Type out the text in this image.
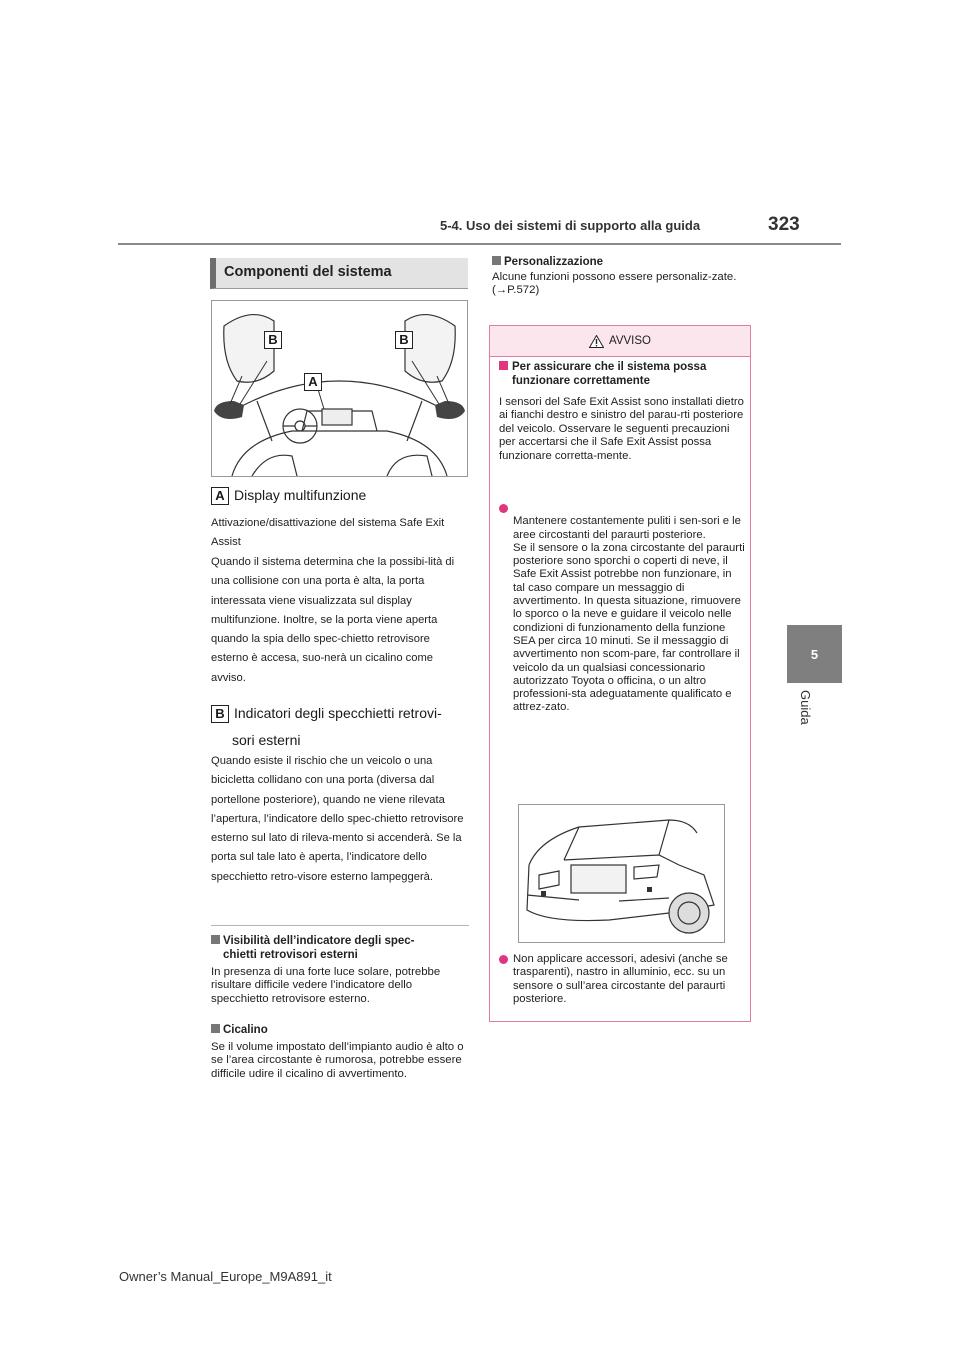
5-4. Uso dei sistemi di supporto alla guida	323
5
Guida
Componenti del sistema
B	B
A
A Display multifunzione
Attivazione/disattivazione del sistema Safe Exit Assist
Quando il sistema determina che la possibi-lità di una collisione con una porta è alta, la porta interessata viene visualizzata sul display multifunzione. Inoltre, se la porta viene aperta quando la spia dello spec-chietto retrovisore esterno è accesa, suo-nerà un cicalino come avviso.
B Indicatori degli specchietti retrovi-
sori esterni
Quando esiste il rischio che un veicolo o una bicicletta collidano con una porta (diversa dal portellone posteriore), quando ne viene rilevata l’apertura, l’indicatore dello spec-chietto retrovisore esterno sul lato di rileva-mento si accenderà. Se la porta sul tale lato è aperta, l’indicatore dello specchietto retro-visore esterno lampeggerà.
Visibilità dell’indicatore degli spec-
chietti retrovisori esterni
In presenza di una forte luce solare, potrebbe risultare difficile vedere l’indicatore dello specchietto retrovisore esterno.
Cicalino
Se il volume impostato dell’impianto audio è alto o se l’area circostante è rumorosa, potrebbe essere difficile udire il cicalino di avvertimento.
Personalizzazione
Alcune funzioni possono essere personaliz-zate. (→P.572)
AVVISO
Per assicurare che il sistema possa
funzionare correttamente
I sensori del Safe Exit Assist sono installati dietro ai fianchi destro e sinistro del parau-rti posteriore del veicolo. Osservare le seguenti precauzioni per accertarsi che il Safe Exit Assist possa funzionare corretta-mente.

Mantenere costantemente puliti i sen-sori e le aree circostanti del paraurti posteriore.
Se il sensore o la zona circostante del paraurti posteriore sono sporchi o coperti di neve, il Safe Exit Assist potrebbe non funzionare, in tal caso compare un messaggio di avvertimento. In questa situazione, rimuovere lo sporco o la neve e guidare il veicolo nelle condizioni di funzionamento della funzione SEA per circa 10 minuti. Se il messaggio di avvertimento non scom-pare, far controllare il veicolo da un qualsiasi concessionario autorizzato Toyota o officina, o un altro professioni-sta adeguatamente qualificato e attrez-zato.

Non applicare accessori, adesivi (anche se trasparenti), nastro in alluminio, ecc. su un sensore o sull’area circostante del paraurti posteriore.
Owner’s Manual_Europe_M9A891_it
